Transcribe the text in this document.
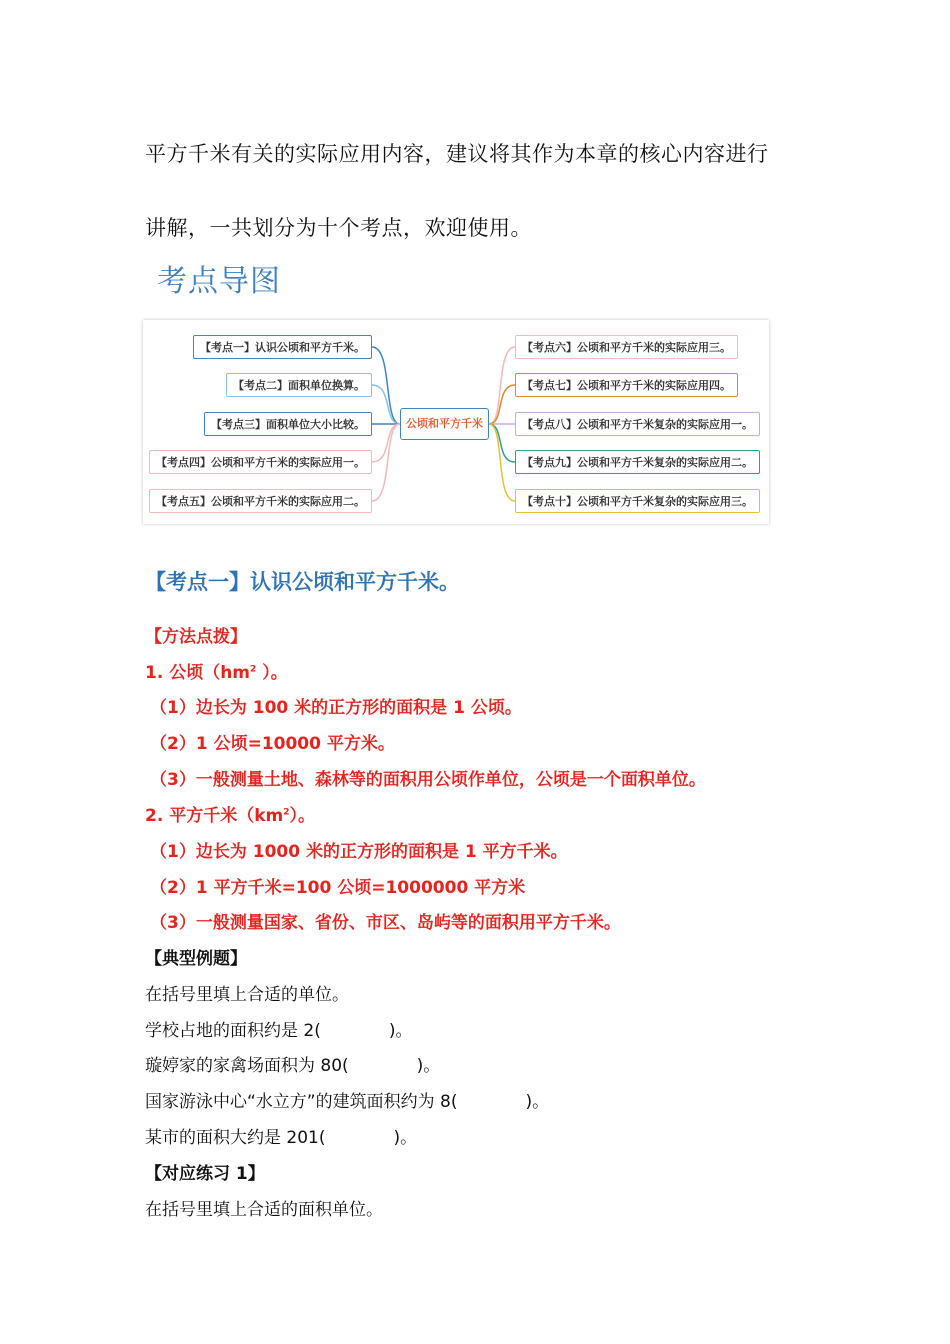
平方千米有关的实际应用内容，建议将其作为本章的核心内容进行

讲解，一共划分为十个考点，欢迎使用。

考点导图
【考点一】认识公顷和平方千米。
【考点二】面积单位换算。
【考点三】面积单位大小比较。
【考点四】公顷和平方千米的实际应用一。
【考点五】公顷和平方千米的实际应用二。
公顷和平方千米
【考点六】公顷和平方千米的实际应用三。
【考点七】公顷和平方千米的实际应用四。
【考点八】公顷和平方千米复杂的实际应用一。
【考点九】公顷和平方千米复杂的实际应用二。
【考点十】公顷和平方千米复杂的实际应用三。
【考点一】认识公顷和平方千米。

【方法点拨】

1. 公顷（$hm^2$ ）。

（1）边长为 100 米的正方形的面积是 1 公顷。

（2）1 公顷=10000 平方米。

（3）一般测量土地、森林等的面积用公顷作单位，公顷是一个面积单位。

2. 平方千米$(km^2)$。

（1）边长为 1000 米的正方形的面积是 1 平方千米。

（2）1 平方千米=100 公顷=1000000 平方米

（3）一般测量国家、省份、市区、岛屿等的面积用平方千米。

【典型例题】

在括号里填上合适的单位。

学校占地的面积约是 2(　　　　)。

璇婷家的家禽场面积为 80(　　　　)。

国家游泳中心“水立方”的建筑面积约为 8(　　　　)。

某市的面积大约是 201(　　　　)。

【对应练习 1】

在括号里填上合适的面积单位。
